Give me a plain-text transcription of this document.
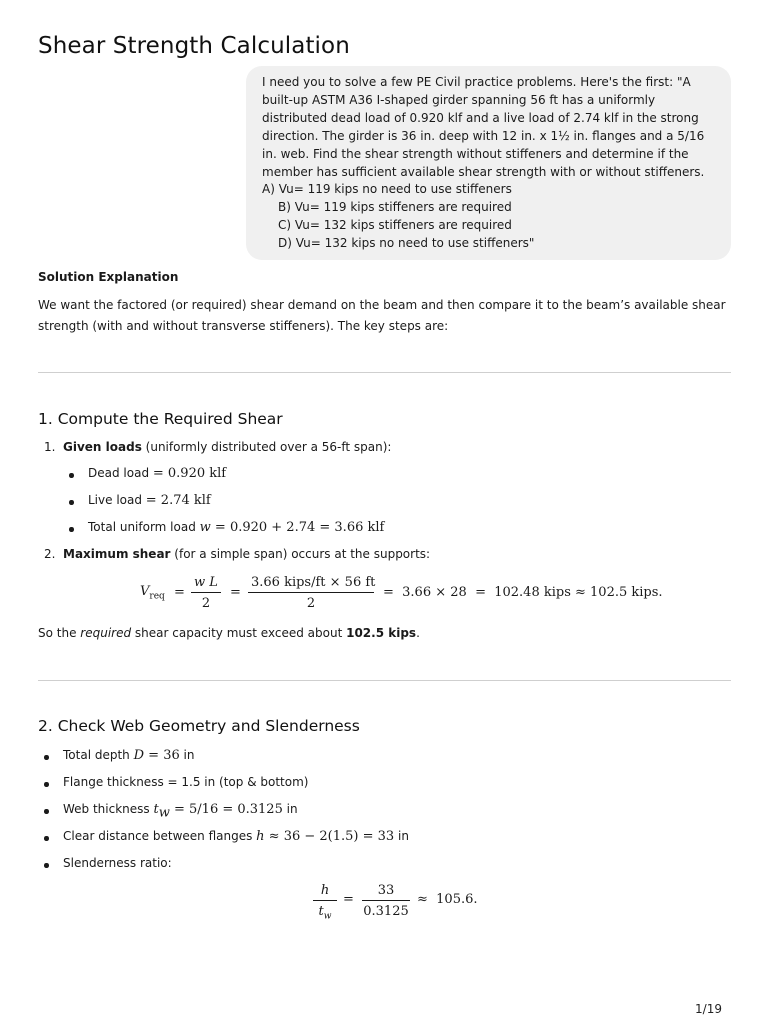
Shear Strength Calculation

I need you to solve a few PE Civil practice problems. Here's the first: "A built-up ASTM A36 I-shaped girder spanning 56 ft has a uniformly distributed dead load of 0.920 klf and a live load of 2.74 klf in the strong direction. The girder is 36 in. deep with 12 in. x 1½ in. flanges and a 5/16 in. web. Find the shear strength without stiffeners and determine if the member has sufficient available shear strength with or without stiffeners. A) Vu= 119 kips no need to use stiffeners

B) Vu= 119 kips stiffeners are required

C) Vu= 132 kips stiffeners are required

D) Vu= 132 kips no need to use stiffeners"

Solution Explanation

We want the factored (or required) shear demand on the beam and then compare it to the beam’s available shear strength (with and without transverse stiffeners). The key steps are:

1. Compute the Required Shear
1. Given loads (uniformly distributed over a 56-ft span):
Dead load = 0.920 klf
Live load = 2.74 klf
Total uniform load w = 0.920 + 2.74 = 3.66 klf
2. Maximum shear (for a simple span) occurs at the supports:
$V_{req} = \frac{\text{w L}}{2}$ =
3.66 kips/ft × 56 ft
2
=  3.66 × 28  =  102.48 kips ≈ 102.5 kips.

So the required shear capacity must exceed about 102.5 kips.

2. Check Web Geometry and Slenderness
Total depth D = 36 in
Flange thickness = 1.5 in (top & bottom)
Web thickness $t_w = 5/16 = 0.3125$ in
Clear distance between flanges h ≈ 36 − 2(1.5) = 33 in
Slenderness ratio:
$\frac{h}{t_w} = \frac{33}{0.3125} \approx 105.6$.
1/19
